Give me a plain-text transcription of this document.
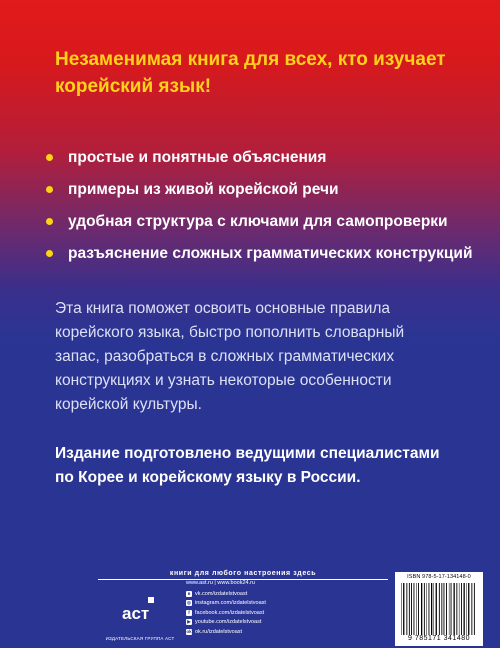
Незаменимая книга для всех, кто изучает корейский язык!

простые и понятные объяснения
примеры из живой корейской речи
удобная структура с ключами для самопроверки
разъяснение сложных грамматических конструкций

Эта книга поможет освоить основные правила корейского языка, быстро пополнить словарный запас, разобраться в сложных грамматических конструкциях и узнать некоторые особенности корейской культуры.

Издание подготовлено ведущими специалистами по Корее и корейскому языку в России.

книги для любого настроения здесь
аст
ИЗДАТЕЛЬСКАЯ ГРУППА АСТ
www.ast.ru | www.book24.ru
в vk.com/izdatelstvoast
◎ instagram.com/izdatelstvoast
f facebook.com/izdatelstvoast
▶ youtube.com/izdatelstvoast
ok ok.ru/izdatelstvoast
ISBN 978-5-17-134148-0
9 785171 341480
